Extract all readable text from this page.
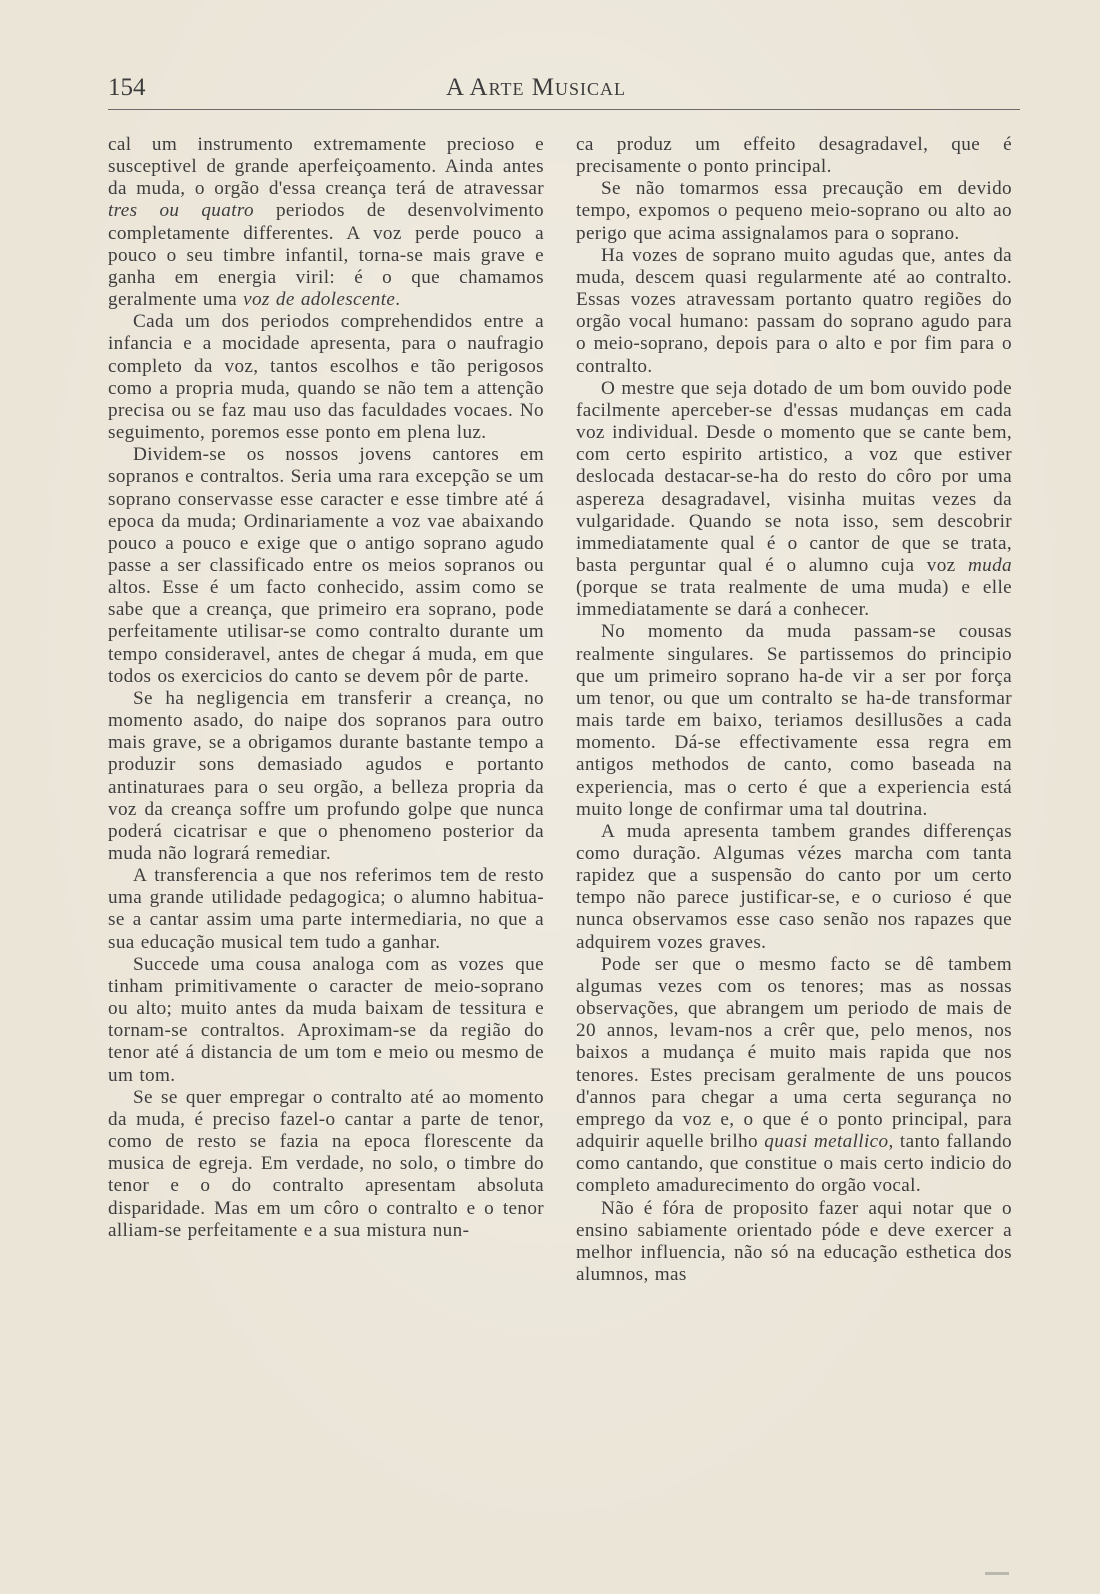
154	A Arte Musical

cal um instrumento extremamente precioso e susceptivel de grande aperfeiçoamento. Ainda antes da muda, o orgão d'essa creança terá de atravessar tres ou quatro periodos de desenvolvimento completamente differentes. A voz perde pouco a pouco o seu timbre infantil, torna-se mais grave e ganha em energia viril: é o que chamamos geralmente uma voz de adolescente.

Cada um dos periodos comprehendidos entre a infancia e a mocidade apresenta, para o naufragio completo da voz, tantos escolhos e tão perigosos como a propria muda, quando se não tem a attenção precisa ou se faz mau uso das faculdades vocaes. No seguimento, poremos esse ponto em plena luz.

Dividem-se os nossos jovens cantores em sopranos e contraltos. Seria uma rara excepção se um soprano conservasse esse caracter e esse timbre até á epoca da muda; Ordinariamente a voz vae abaixando pouco a pouco e exige que o antigo soprano agudo passe a ser classificado entre os meios sopranos ou altos. Esse é um facto conhecido, assim como se sabe que a creança, que primeiro era soprano, pode perfeitamente utilisar-se como contralto durante um tempo consideravel, antes de chegar á muda, em que todos os exercicios do canto se devem pôr de parte.

Se ha negligencia em transferir a creança, no momento asado, do naipe dos sopranos para outro mais grave, se a obrigamos durante bastante tempo a produzir sons demasiado agudos e portanto antinaturaes para o seu orgão, a belleza propria da voz da creança soffre um profundo golpe que nunca poderá cicatrisar e que o phenomeno posterior da muda não logrará remediar.

A transferencia a que nos referimos tem de resto uma grande utilidade pedagogica; o alumno habitua-se a cantar assim uma parte intermediaria, no que a sua educação musical tem tudo a ganhar.

Succede uma cousa analoga com as vozes que tinham primitivamente o caracter de meio-soprano ou alto; muito antes da muda baixam de tessitura e tornam-se contraltos. Aproximam-se da região do tenor até á distancia de um tom e meio ou mesmo de um tom.

Se se quer empregar o contralto até ao momento da muda, é preciso fazel-o cantar a parte de tenor, como de resto se fazia na epoca florescente da musica de egreja. Em verdade, no solo, o timbre do tenor e o do contralto apresentam absoluta disparidade. Mas em um côro o contralto e o tenor alliam-se perfeitamente e a sua mistura nun-

ca produz um effeito desagradavel, que é precisamente o ponto principal.

Se não tomarmos essa precaução em devido tempo, expomos o pequeno meio-soprano ou alto ao perigo que acima assignalamos para o soprano.

Ha vozes de soprano muito agudas que, antes da muda, descem quasi regularmente até ao contralto. Essas vozes atravessam portanto quatro regiões do orgão vocal humano: passam do soprano agudo para o meio-soprano, depois para o alto e por fim para o contralto.

O mestre que seja dotado de um bom ouvido pode facilmente aperceber-se d'essas mudanças em cada voz individual. Desde o momento que se cante bem, com certo espirito artistico, a voz que estiver deslocada destacar-se-ha do resto do côro por uma aspereza desagradavel, visinha muitas vezes da vulgaridade. Quando se nota isso, sem descobrir immediatamente qual é o cantor de que se trata, basta perguntar qual é o alumno cuja voz muda (porque se trata realmente de uma muda) e elle immediatamente se dará a conhecer.

No momento da muda passam-se cousas realmente singulares. Se partissemos do principio que um primeiro soprano ha-de vir a ser por força um tenor, ou que um contralto se ha-de transformar mais tarde em baixo, teriamos desillusões a cada momento. Dá-se effectivamente essa regra em antigos methodos de canto, como baseada na experiencia, mas o certo é que a experiencia está muito longe de confirmar uma tal doutrina.

A muda apresenta tambem grandes differenças como duração. Algumas vézes marcha com tanta rapidez que a suspensão do canto por um certo tempo não parece justificar-se, e o curioso é que nunca observamos esse caso senão nos rapazes que adquirem vozes graves.

Pode ser que o mesmo facto se dê tambem algumas vezes com os tenores; mas as nossas observações, que abrangem um periodo de mais de 20 annos, levam-nos a crêr que, pelo menos, nos baixos a mudança é muito mais rapida que nos tenores. Estes precisam geralmente de uns poucos d'annos para chegar a uma certa segurança no emprego da voz e, o que é o ponto principal, para adquirir aquelle brilho quasi metallico, tanto fallando como cantando, que constitue o mais certo indicio do completo amadurecimento do orgão vocal.

Não é fóra de proposito fazer aqui notar que o ensino sabiamente orientado póde e deve exercer a melhor influencia, não só na educação esthetica dos alumnos, mas
